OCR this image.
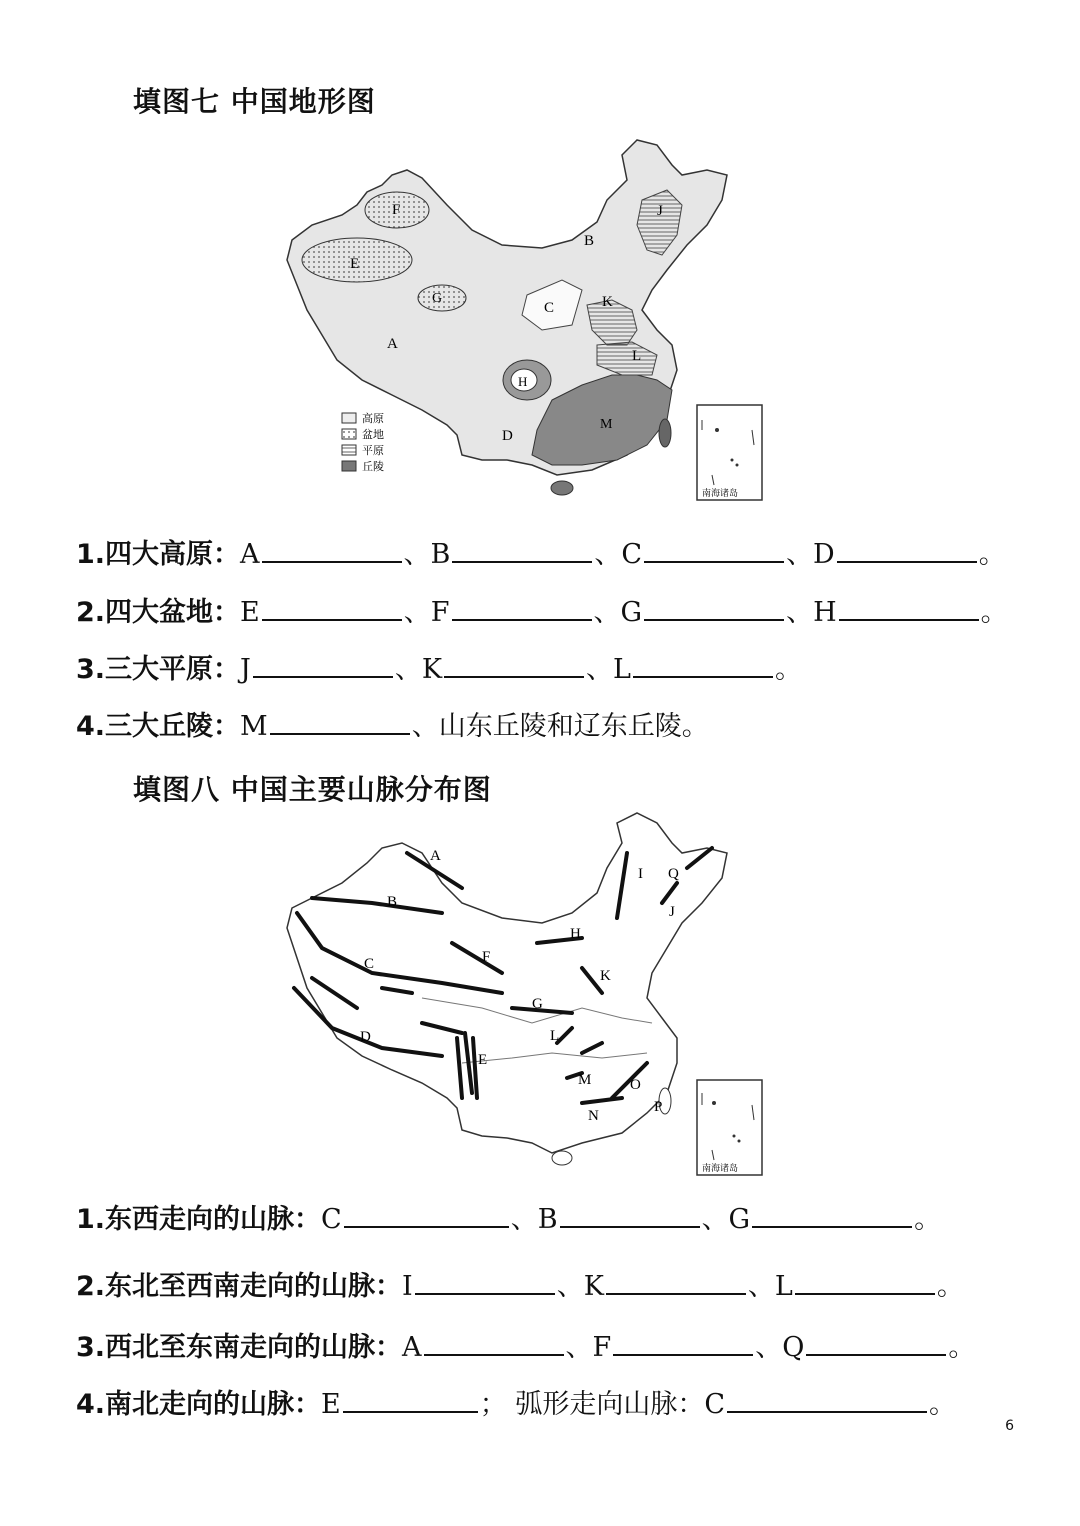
填图七 中国地形图
A
B
C
D
E
F
G
H
J
K
L
M
高原
盆地
平原
丘陵
南海诸岛
1.四大高原：A	、B	、C	、D	。
2.四大盆地：E	、F	、G	、H	。
3.三大平原：J	、K	、L	。
4.三大丘陵：M	、山东丘陵和辽东丘陵。
填图八 中国主要山脉分布图
A
B
C
D
E
F
G
H
I
J
K
L
M
N
O
P
Q
南海诸岛
1.东西走向的山脉：C	、B	、G	。
2.东北至西南走向的山脉：I	、K	、L	。
3.西北至东南走向的山脉：A	、F	、Q	。
4.南北走向的山脉：E	； 弧形走向山脉：C	。
6
